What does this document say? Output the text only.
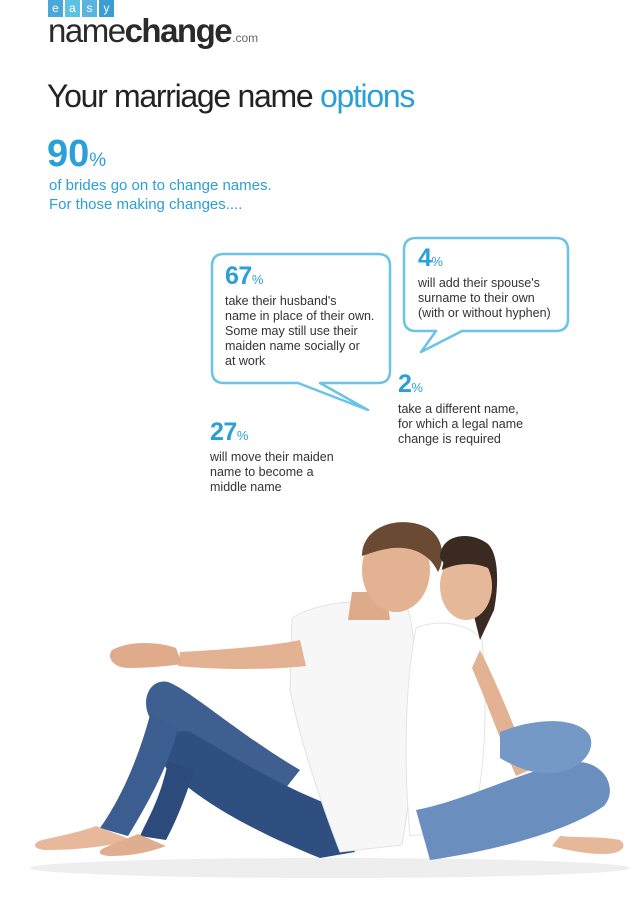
e a s y
namechange.com
Your marriage name options
90%
of brides go on to change names.
For those making changes....
67%
take their husband's
name in place of their own.
Some may still use their
maiden name socially or
at work
4%
will add their spouse's
surname to their own
(with or without hyphen)
2%
take a different name,
for which a legal name
change is required
27%
will move their maiden
name to become a
middle name
